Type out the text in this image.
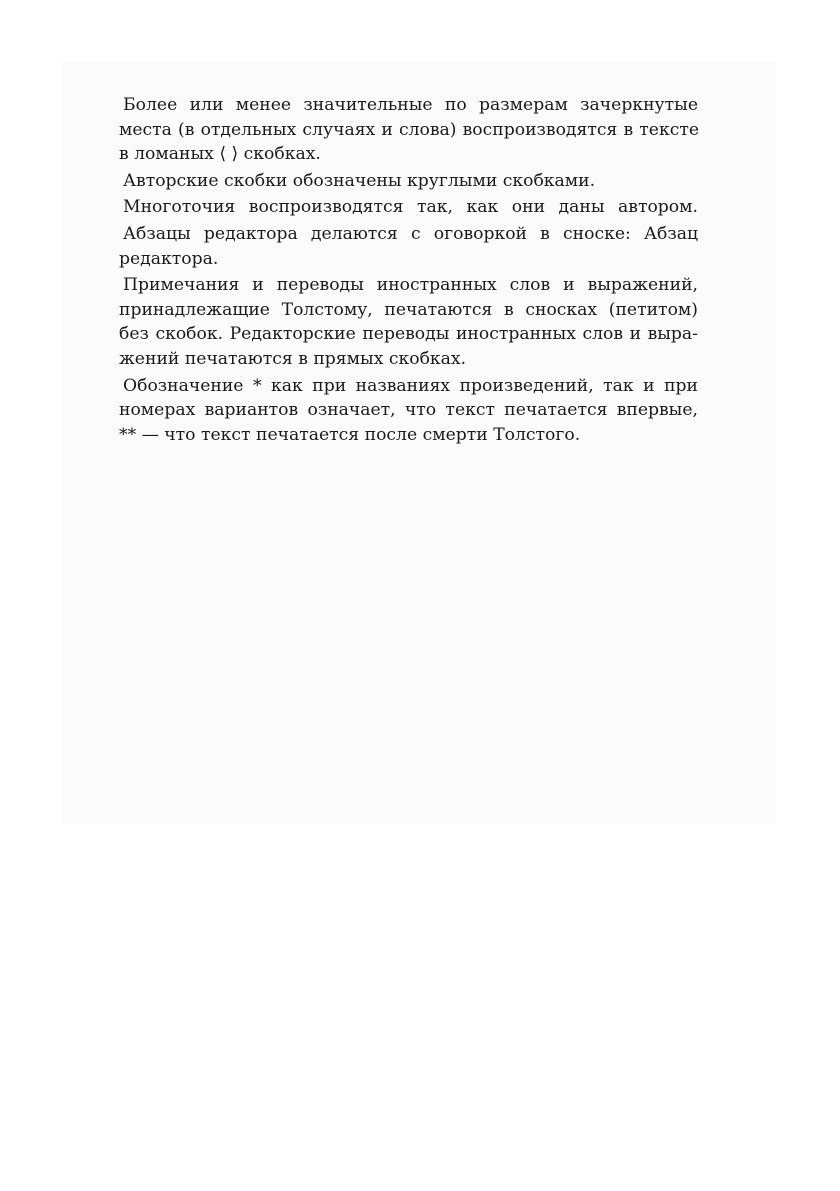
Более или менее значительные по размерам зачеркнутые
места (в отдельных случаях и слова) воспроизводятся в тексте
в ломаных ⟨ ⟩ скобках.
Авторские скобки обозначены круглыми скобками.
Многоточия воспроизводятся так, как они даны автором.
Абзацы редактора делаются с оговоркой в сноске: Абзац
редактора.
Примечания и переводы иностранных слов и выражений,
принадлежащие Толстому, печатаются в сносках (петитом)
без скобок. Редакторские переводы иностранных слов и выра-
жений печатаются в прямых скобках.
Обозначение * как при названиях произведений, так и при
номерах вариантов означает, что текст печатается впервые,
** — что текст печатается после смерти Толстого.
